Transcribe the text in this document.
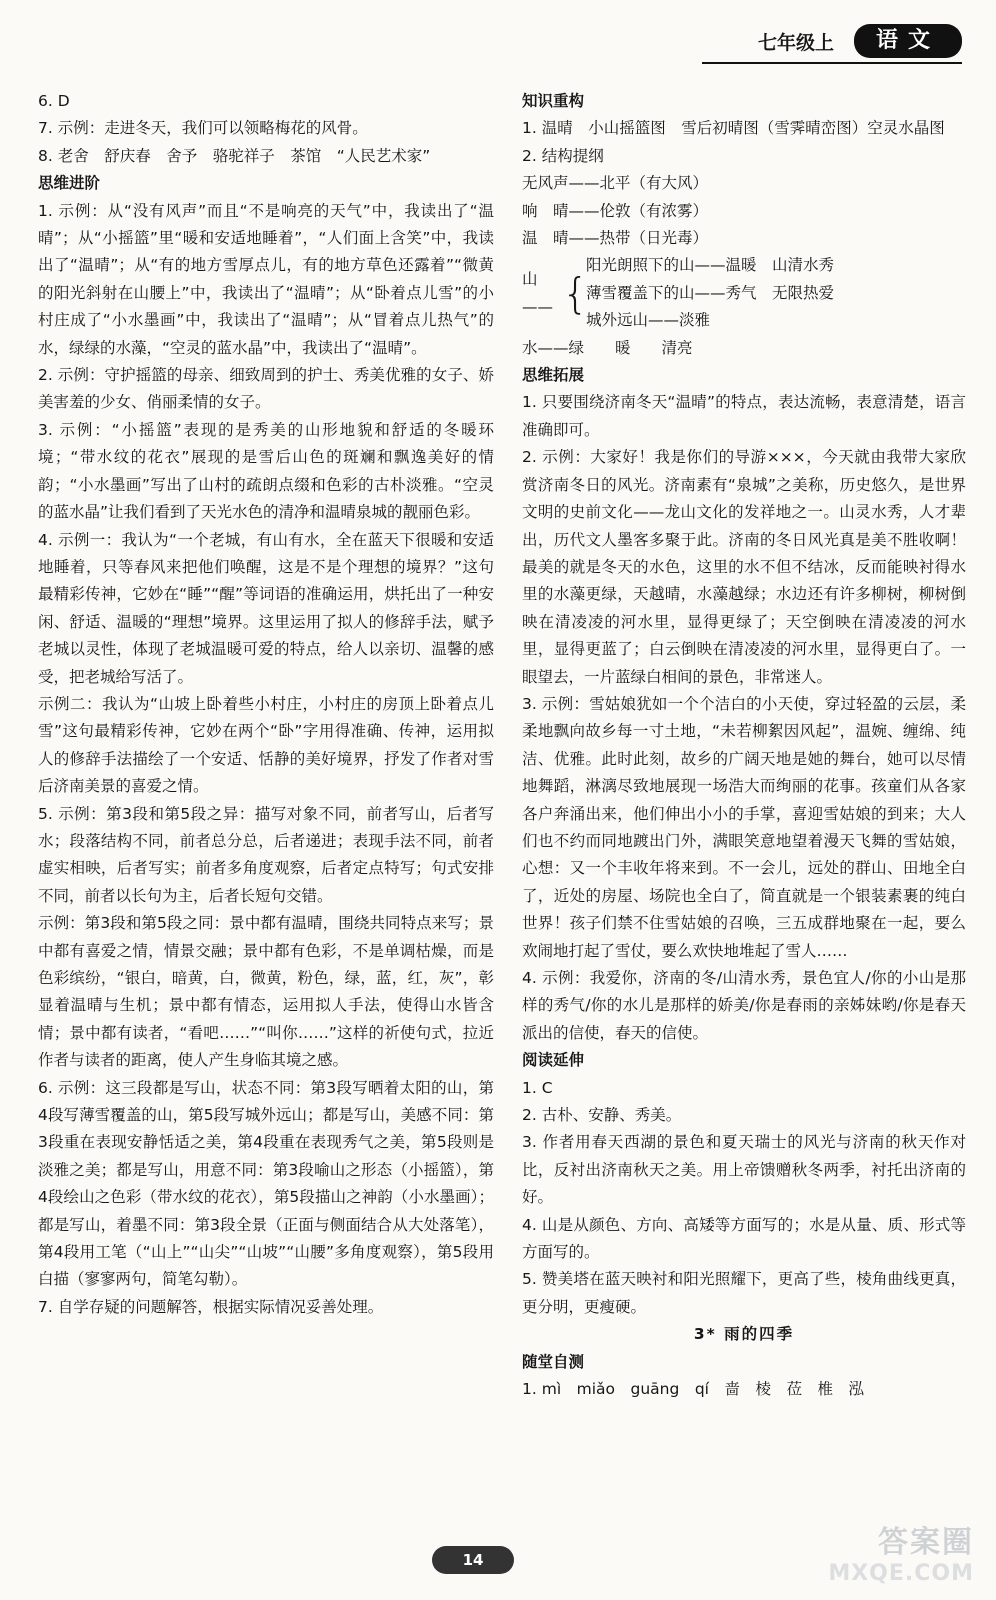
七年级上	语文

6. D

7. 示例：走进冬天，我们可以领略梅花的风骨。

8. 老舍　舒庆春　舍予　骆驼祥子　茶馆　“人民艺术家”

思维进阶

1. 示例：从“没有风声”而且“不是响亮的天气”中，我读出了“温晴”；从“小摇篮”里“暖和安适地睡着”，“人们面上含笑”中，我读出了“温晴”；从“有的地方雪厚点儿，有的地方草色还露着”“微黄的阳光斜射在山腰上”中，我读出了“温晴”；从“卧着点儿雪”的小村庄成了“小水墨画”中，我读出了“温晴”；从“冒着点儿热气”的水，绿绿的水藻，“空灵的蓝水晶”中，我读出了“温晴”。

2. 示例：守护摇篮的母亲、细致周到的护士、秀美优雅的女子、娇美害羞的少女、俏丽柔情的女子。

3. 示例：“小摇篮”表现的是秀美的山形地貌和舒适的冬暖环境；“带水纹的花衣”展现的是雪后山色的斑斓和飘逸美好的情韵；“小水墨画”写出了山村的疏朗点缀和色彩的古朴淡雅。“空灵的蓝水晶”让我们看到了天光水色的清净和温晴泉城的靓丽色彩。

4. 示例一：我认为“一个老城，有山有水，全在蓝天下很暖和安适地睡着，只等春风来把他们唤醒，这是不是个理想的境界？”这句最精彩传神，它妙在“睡”“醒”等词语的准确运用，烘托出了一种安闲、舒适、温暖的“理想”境界。这里运用了拟人的修辞手法，赋予老城以灵性，体现了老城温暖可爱的特点，给人以亲切、温馨的感受，把老城给写活了。

示例二：我认为“山坡上卧着些小村庄，小村庄的房顶上卧着点儿雪”这句最精彩传神，它妙在两个“卧”字用得准确、传神，运用拟人的修辞手法描绘了一个安适、恬静的美好境界，抒发了作者对雪后济南美景的喜爱之情。

5. 示例：第3段和第5段之异：描写对象不同，前者写山，后者写水；段落结构不同，前者总分总，后者递进；表现手法不同，前者虚实相映，后者写实；前者多角度观察，后者定点特写；句式安排不同，前者以长句为主，后者长短句交错。

示例：第3段和第5段之同：景中都有温晴，围绕共同特点来写；景中都有喜爱之情，情景交融；景中都有色彩，不是单调枯燥，而是色彩缤纷，“银白，暗黄，白，微黄，粉色，绿，蓝，红，灰”，彰显着温晴与生机；景中都有情态，运用拟人手法，使得山水皆含情；景中都有读者，“看吧……”“叫你……”这样的祈使句式，拉近作者与读者的距离，使人产生身临其境之感。

6. 示例：这三段都是写山，状态不同：第3段写晒着太阳的山，第4段写薄雪覆盖的山，第5段写城外远山；都是写山，美感不同：第3段重在表现安静恬适之美，第4段重在表现秀气之美，第5段则是淡雅之美；都是写山，用意不同：第3段喻山之形态（小摇篮），第4段绘山之色彩（带水纹的花衣），第5段描山之神韵（小水墨画）；都是写山，着墨不同：第3段全景（正面与侧面结合从大处落笔），第4段用工笔（“山上”“山尖”“山坡”“山腰”多角度观察），第5段用白描（寥寥两句，简笔勾勒）。

7. 自学存疑的问题解答，根据实际情况妥善处理。

知识重构

1. 温晴　小山摇篮图　雪后初晴图（雪霁晴峦图）空灵水晶图

2. 结构提纲

无风声——北平（有大风）

响　晴——伦敦（有浓雾）

温　晴——热带（日光毒）

山—— {

阳光朗照下的山——温暖　山清水秀

薄雪覆盖下的山——秀气　无限热爱

城外远山——淡雅

水——绿　　暖　　清亮

思维拓展

1. 只要围绕济南冬天“温晴”的特点，表达流畅，表意清楚，语言准确即可。

2. 示例：大家好！我是你们的导游×××，今天就由我带大家欣赏济南冬日的风光。济南素有“泉城”之美称，历史悠久，是世界文明的史前文化——龙山文化的发祥地之一。山灵水秀，人才辈出，历代文人墨客多聚于此。济南的冬日风光真是美不胜收啊！最美的就是冬天的水色，这里的水不但不结冰，反而能映衬得水里的水藻更绿，天越晴，水藻越绿；水边还有许多柳树，柳树倒映在清凌凌的河水里，显得更绿了；天空倒映在清凌凌的河水里，显得更蓝了；白云倒映在清凌凌的河水里，显得更白了。一眼望去，一片蓝绿白相间的景色，非常迷人。

3. 示例：雪姑娘犹如一个个洁白的小天使，穿过轻盈的云层，柔柔地飘向故乡每一寸土地，“未若柳絮因风起”，温婉、缠绵、纯洁、优雅。此时此刻，故乡的广阔天地是她的舞台，她可以尽情地舞蹈，淋漓尽致地展现一场浩大而绚丽的花事。孩童们从各家各户奔涌出来，他们伸出小小的手掌，喜迎雪姑娘的到来；大人们也不约而同地踱出门外，满眼笑意地望着漫天飞舞的雪姑娘，心想：又一个丰收年将来到。不一会儿，远处的群山、田地全白了，近处的房屋、场院也全白了，简直就是一个银装素裹的纯白世界！孩子们禁不住雪姑娘的召唤，三五成群地聚在一起，要么欢闹地打起了雪仗，要么欢快地堆起了雪人……

4. 示例：我爱你，济南的冬/山清水秀，景色宜人/你的小山是那样的秀气/你的水儿是那样的娇美/你是春雨的亲姊妹哟/你是春天派出的信使，春天的信使。

阅读延伸

1. C

2. 古朴、安静、秀美。

3. 作者用春天西湖的景色和夏天瑞士的风光与济南的秋天作对比，反衬出济南秋天之美。用上帝馈赠秋冬两季，衬托出济南的好。

4. 山是从颜色、方向、高矮等方面写的；水是从量、质、形式等方面写的。

5. 赞美塔在蓝天映衬和阳光照耀下，更高了些，棱角曲线更真，更分明，更瘦硬。

3* 雨的四季

随堂自测

1. mì　miǎo　guāng　qí　啬　棱　莅　椎　泓

14	答案圈
MXQE.COM
